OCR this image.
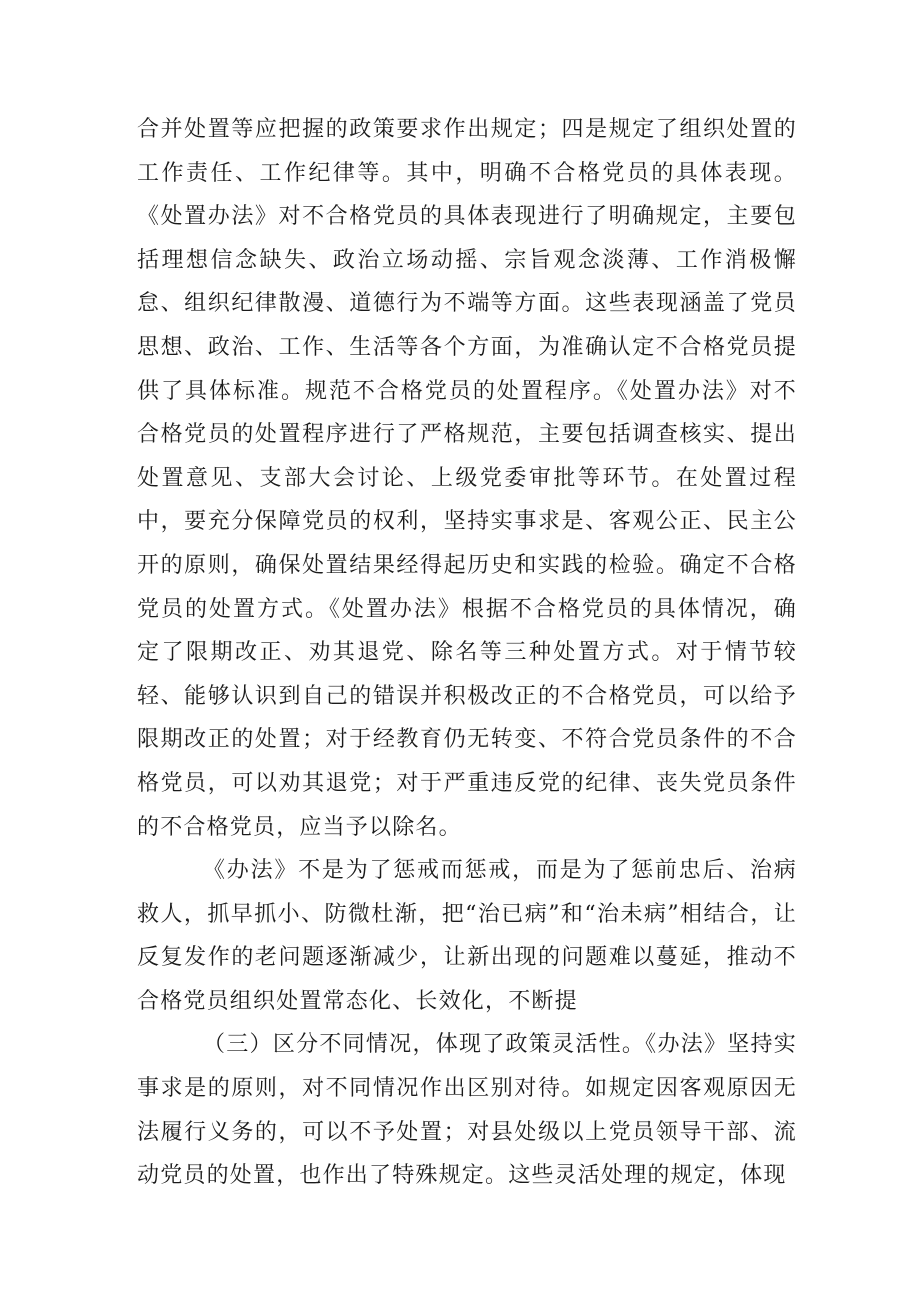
合并处置等应把握的政策要求作出规定；四是规定了组织处置的工作责任、工作纪律等。其中，明确不合格党员的具体表现。《处置办法》对不合格党员的具体表现进行了明确规定，主要包括理想信念缺失、政治立场动摇、宗旨观念淡薄、工作消极懈怠、组织纪律散漫、道德行为不端等方面。这些表现涵盖了党员思想、政治、工作、生活等各个方面，为准确认定不合格党员提供了具体标准。规范不合格党员的处置程序。《处置办法》对不合格党员的处置程序进行了严格规范，主要包括调查核实、提出处置意见、支部大会讨论、上级党委审批等环节。在处置过程中，要充分保障党员的权利，坚持实事求是、客观公正、民主公开的原则，确保处置结果经得起历史和实践的检验。确定不合格党员的处置方式。《处置办法》根据不合格党员的具体情况，确定了限期改正、劝其退党、除名等三种处置方式。对于情节较轻、能够认识到自己的错误并积极改正的不合格党员，可以给予限期改正的处置；对于经教育仍无转变、不符合党员条件的不合格党员，可以劝其退党；对于严重违反党的纪律、丧失党员条件的不合格党员，应当予以除名。

《办法》不是为了惩戒而惩戒，而是为了惩前忠后、治病救人，抓早抓小、防微杜渐，把“治已病”和“治未病”相结合，让反复发作的老问题逐渐减少，让新出现的问题难以蔓延，推动不合格党员组织处置常态化、长效化，不断提

（三）区分不同情况，体现了政策灵活性。《办法》坚持实事求是的原则，对不同情况作出区别对待。如规定因客观原因无法履行义务的，可以不予处置；对县处级以上党员领导干部、流动党员的处置，也作出了特殊规定。这些灵活处理的规定，体现
